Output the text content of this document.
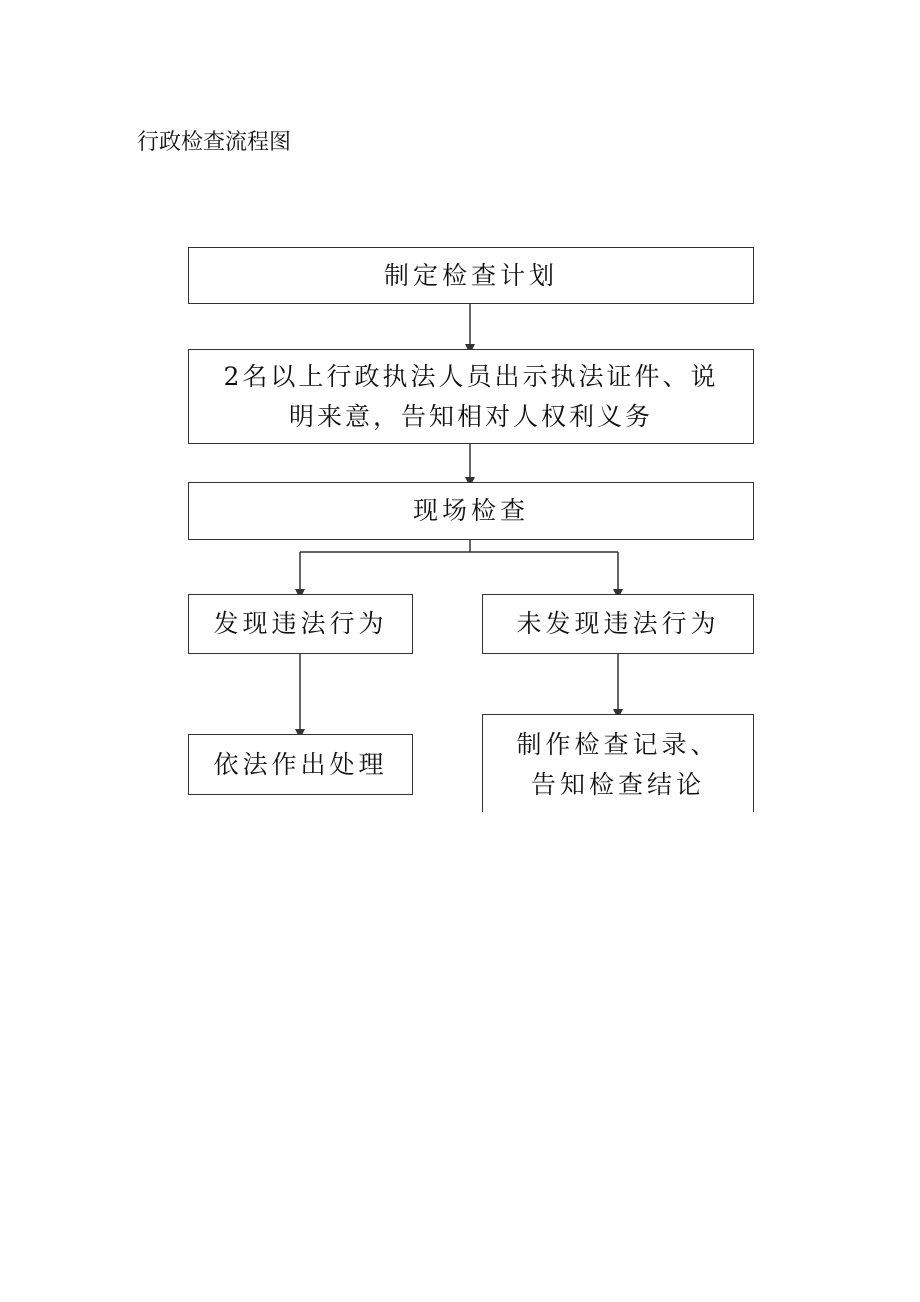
行政检查流程图
制定检查计划
2名以上行政执法人员出示执法证件、说
明来意，告知相对人权利义务
现场检查
发现违法行为	未发现违法行为
依法作出处理
制作检查记录、
告知检查结论
